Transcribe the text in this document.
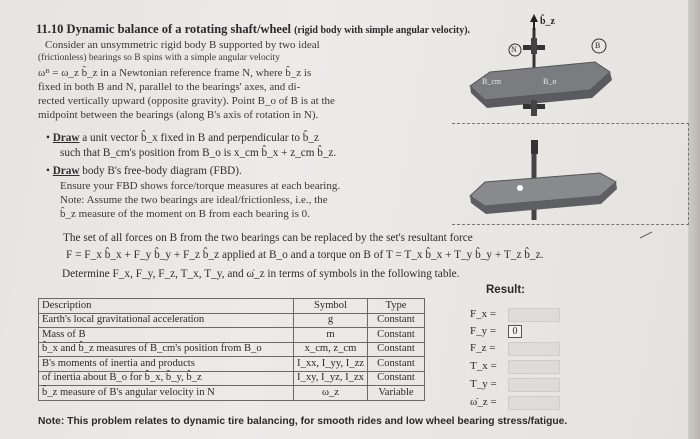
11.10 Dynamic balance of a rotating shaft/wheel (rigid body with simple angular velocity).
Consider an unsymmetric rigid body B supported by two ideal
(frictionless) bearings so B spins with a simple angular velocity
ωᴮ = ω_z b̂_z in a Newtonian reference frame N, where b̂_z is
fixed in both B and N, parallel to the bearings' axes, and di-
rected vertically upward (opposite gravity). Point B_o of B is at the
midpoint between the bearings (along B's axis of rotation in N).
• Draw a unit vector b̂_x fixed in B and perpendicular to b̂_z
such that B_cm's position from B_o is x_cm b̂_x + z_cm b̂_z.
• Draw body B's free-body diagram (FBD).
Ensure your FBD shows force/torque measures at each bearing.
Note: Assume the two bearings are ideal/frictionless, i.e., the
b̂_z measure of the moment on B from each bearing is 0.
The set of all forces on B from the two bearings can be replaced by the set's resultant force
F = F_x b̂_x + F_y b̂_y + F_z b̂_z applied at B_o and a torque on B of T = T_x b̂_x + T_y b̂_y + T_z b̂_z.
Determine F_x, F_y, F_z, T_x, T_y, and ω̇_z in terms of symbols in the following table.
Result:
Description	Symbol	Type
Earth's local gravitational acceleration	g	Constant
Mass of B	m	Constant
b̂_x and b̂_z measures of B_cm's position from B_o	x_cm, z_cm	Constant
B's moments of inertia and products	I_xx, I_yy, I_zz	Constant
of inertia about B_o for b̂_x, b̂_y, b̂_z	I_xy, I_yz, I_zx	Constant
b̂_z measure of B's angular velocity in N	ω_z	Variable
F_x =
F_y =	0
F_z =
T_x =
T_y =
ω̇_z =
Note: This problem relates to dynamic tire balancing, for smooth rides and low wheel bearing stress/fatigue.
b̂_z
N	B
B_cm	B_o
